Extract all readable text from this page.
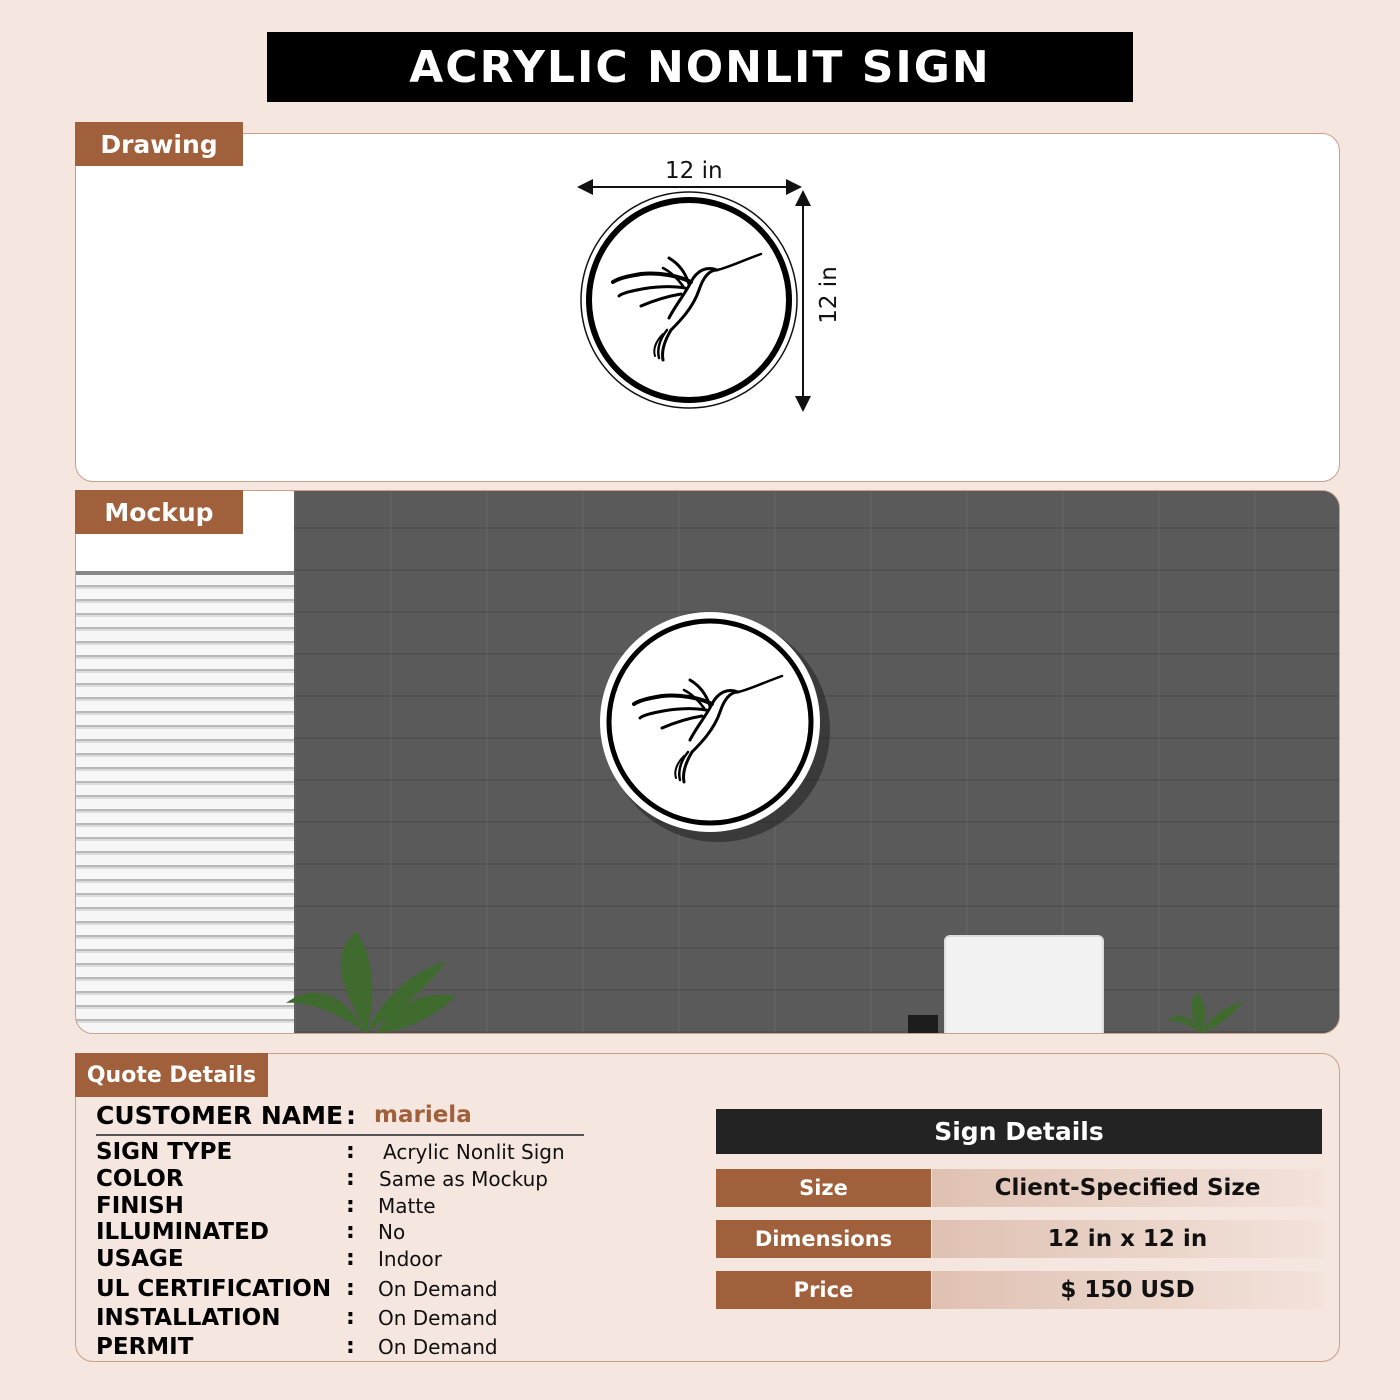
ACRYLIC NONLIT SIGN
12 in
12 in
Drawing
Mockup
Quote Details
CUSTOMER NAME : mariela
SIGN TYPE	: Acrylic Nonlit Sign
COLOR	: Same as Mockup
FINISH	: Matte
ILLUMINATED	: No
USAGE	: Indoor
UL CERTIFICATION : On Demand
INSTALLATION	: On Demand
PERMIT	: On Demand
Sign Details
Size	Client-Specified Size
Dimensions	12 in x 12 in
Price	$ 150 USD
